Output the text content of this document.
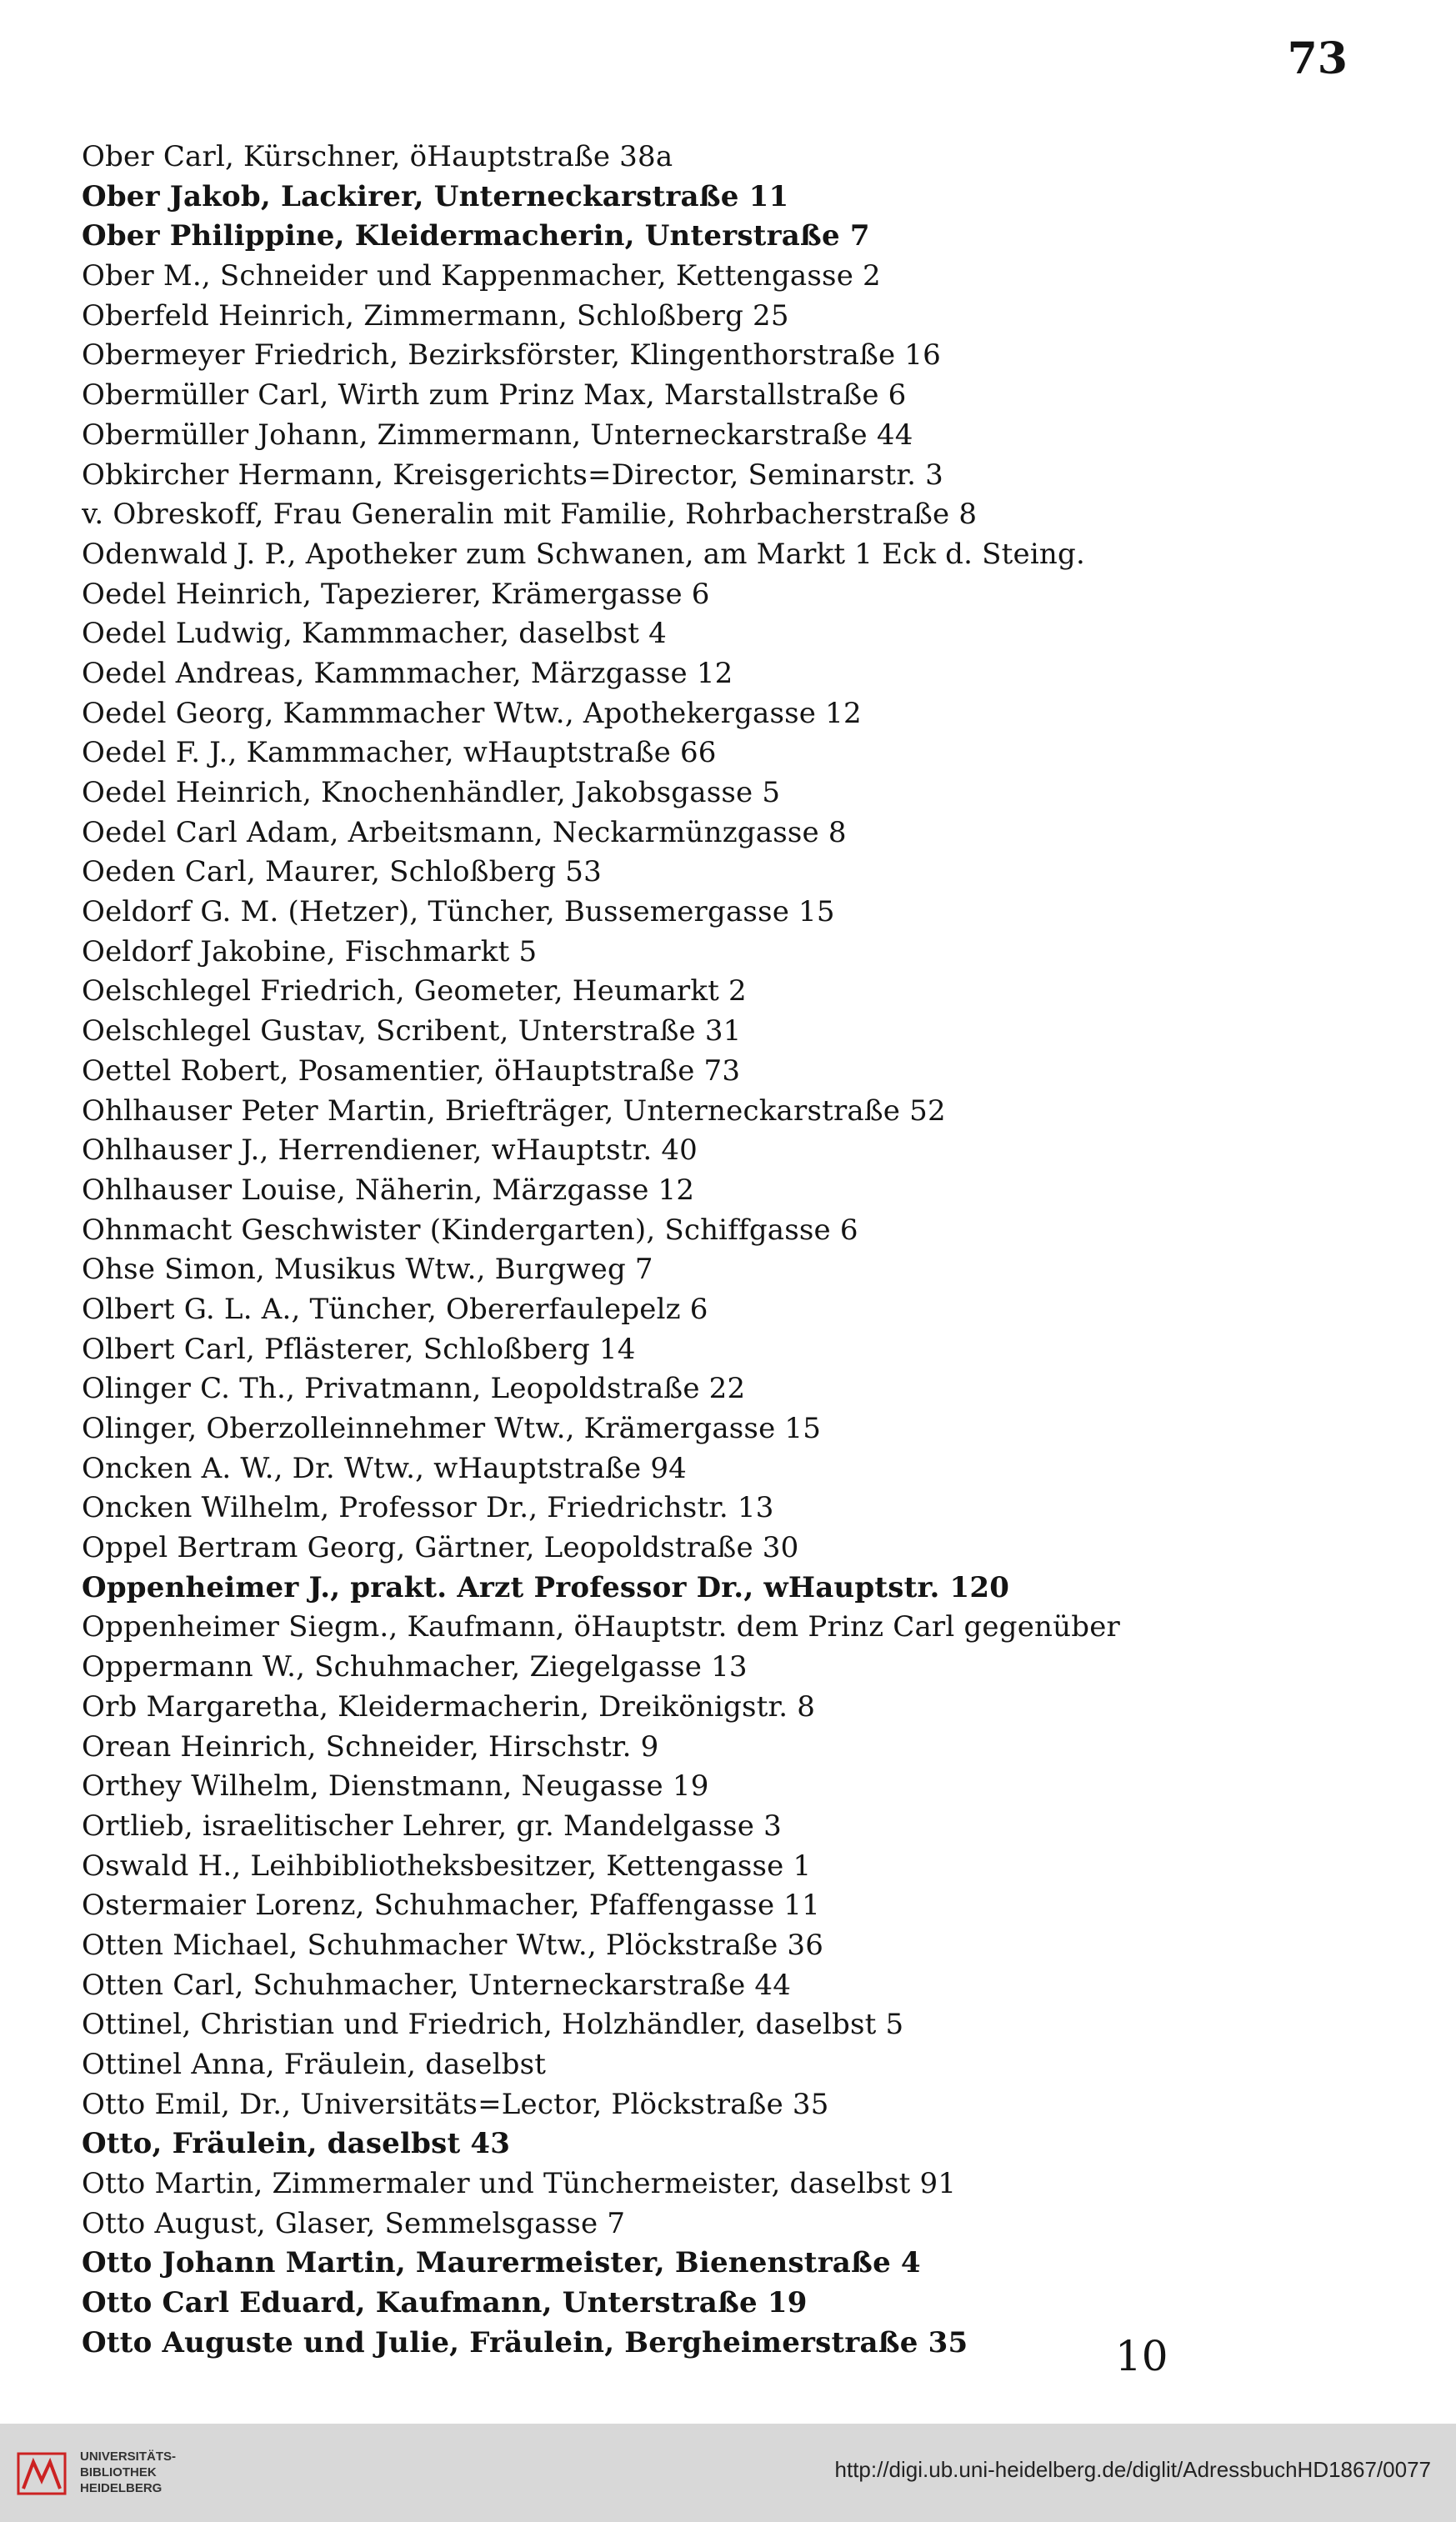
73
Ober Carl, Kürschner, öHauptstraße 38a
Ober Jakob, Lackirer, Unterneckarstraße 11
Ober Philippine, Kleidermacherin, Unterstraße 7
Ober M., Schneider und Kappenmacher, Kettengasse 2
Oberfeld Heinrich, Zimmermann, Schloßberg 25
Obermeyer Friedrich, Bezirksförster, Klingenthorstraße 16
Obermüller Carl, Wirth zum Prinz Max, Marstallstraße 6
Obermüller Johann, Zimmermann, Unterneckarstraße 44
Obkircher Hermann, Kreisgerichts=Director, Seminarstr. 3
v. Obreskoff, Frau Generalin mit Familie, Rohrbacherstraße 8
Odenwald J. P., Apotheker zum Schwanen, am Markt 1 Eck d. Steing.
Oedel Heinrich, Tapezierer, Krämergasse 6
Oedel Ludwig, Kammmacher, daselbst 4
Oedel Andreas, Kammmacher, Märzgasse 12
Oedel Georg, Kammmacher Wtw., Apothekergasse 12
Oedel F. J., Kammmacher, wHauptstraße 66
Oedel Heinrich, Knochenhändler, Jakobsgasse 5
Oedel Carl Adam, Arbeitsmann, Neckarmünzgasse 8
Oeden Carl, Maurer, Schloßberg 53
Oeldorf G. M. (Hetzer), Tüncher, Bussemergasse 15
Oeldorf Jakobine, Fischmarkt 5
Oelschlegel Friedrich, Geometer, Heumarkt 2
Oelschlegel Gustav, Scribent, Unterstraße 31
Oettel Robert, Posamentier, öHauptstraße 73
Ohlhauser Peter Martin, Briefträger, Unterneckarstraße 52
Ohlhauser J., Herrendiener, wHauptstr. 40
Ohlhauser Louise, Näherin, Märzgasse 12
Ohnmacht Geschwister (Kindergarten), Schiffgasse 6
Ohse Simon, Musikus Wtw., Burgweg 7
Olbert G. L. A., Tüncher, Obererfaulepelz 6
Olbert Carl, Pflästerer, Schloßberg 14
Olinger C. Th., Privatmann, Leopoldstraße 22
Olinger, Oberzolleinnehmer Wtw., Krämergasse 15
Oncken A. W., Dr. Wtw., wHauptstraße 94
Oncken Wilhelm, Professor Dr., Friedrichstr. 13
Oppel Bertram Georg, Gärtner, Leopoldstraße 30
Oppenheimer J., prakt. Arzt Professor Dr., wHauptstr. 120
Oppenheimer Siegm., Kaufmann, öHauptstr. dem Prinz Carl gegenüber
Oppermann W., Schuhmacher, Ziegelgasse 13
Orb Margaretha, Kleidermacherin, Dreikönigstr. 8
Orean Heinrich, Schneider, Hirschstr. 9
Orthey Wilhelm, Dienstmann, Neugasse 19
Ortlieb, israelitischer Lehrer, gr. Mandelgasse 3
Oswald H., Leihbibliotheksbesitzer, Kettengasse 1
Ostermaier Lorenz, Schuhmacher, Pfaffengasse 11
Otten Michael, Schuhmacher Wtw., Plöckstraße 36
Otten Carl, Schuhmacher, Unterneckarstraße 44
Ottinel, Christian und Friedrich, Holzhändler, daselbst 5
Ottinel Anna, Fräulein, daselbst
Otto Emil, Dr., Universitäts=Lector, Plöckstraße 35
Otto, Fräulein, daselbst 43
Otto Martin, Zimmermaler und Tünchermeister, daselbst 91
Otto August, Glaser, Semmelsgasse 7
Otto Johann Martin, Maurermeister, Bienenstraße 4
Otto Carl Eduard, Kaufmann, Unterstraße 19
Otto Auguste und Julie, Fräulein, Bergheimerstraße 35	10
UNIVERSITÄTS-
BIBLIOTHEK
HEIDELBERG
http://digi.ub.uni-heidelberg.de/diglit/AdressbuchHD1867/0077
